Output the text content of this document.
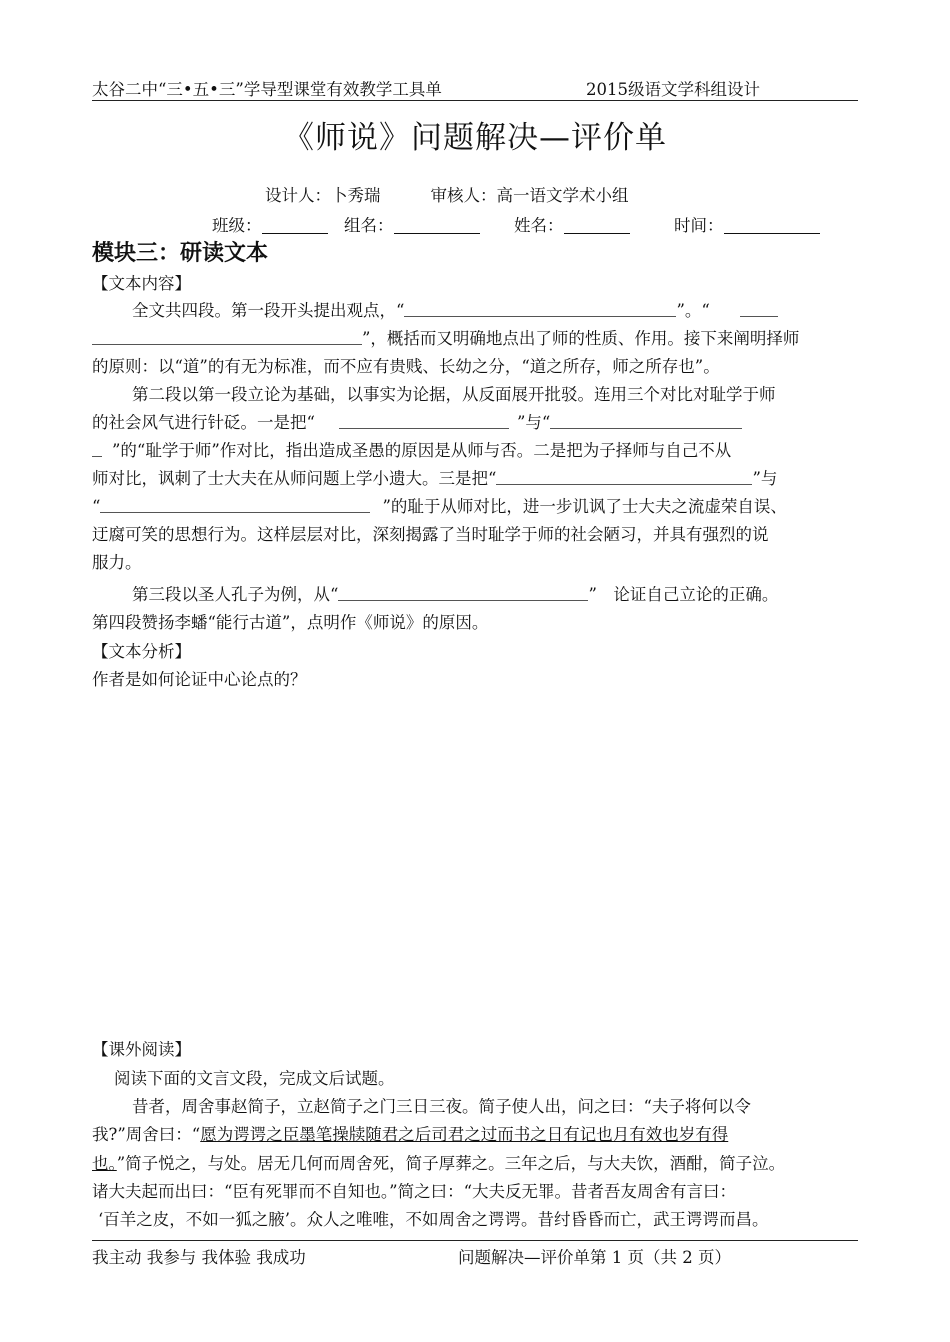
太谷二中“三•五•三”学导型课堂有效教学工具单	2015级语文学科组设计
《师说》问题解决—评价单
设计人：卜秀瑞	审核人：高一语文学术小组
班级：	组名：	姓名：	时间：
模块三：研读文本
【文本内容】
全文共四段。第一段开头提出观点，“	”。“
”，概括而又明确地点出了师的性质、作用。接下来阐明择师
的原则：以“道”的有无为标准，而不应有贵贱、长幼之分，“道之所存，师之所存也”。
第二段以第一段立论为基础，以事实为论据，从反面展开批驳。连用三个对比对耻学于师
的社会风气进行针砭。一是把“	”与“
”的“耻学于师”作对比，指出造成圣愚的原因是从师与否。二是把为子择师与自己不从
师对比，讽刺了士大夫在从师问题上学小遗大。三是把“	”与
“	”的耻于从师对比，进一步讥讽了士大夫之流虚荣自误、
迂腐可笑的思想行为。这样层层对比，深刻揭露了当时耻学于师的社会陋习，并具有强烈的说
服力。
第三段以圣人孔子为例，从“	”　论证自己立论的正确。
第四段赞扬李蟠“能行古道”，点明作《师说》的原因。
【文本分析】
作者是如何论证中心论点的？
【课外阅读】
阅读下面的文言文段，完成文后试题。
昔者，周舍事赵简子，立赵简子之门三日三夜。简子使人出，问之曰：“夫子将何以令
我?”周舍曰：“愿为谔谔之臣墨笔操牍随君之后司君之过而书之日有记也月有效也岁有得
也。”简子悦之，与处。居无几何而周舍死，简子厚葬之。三年之后，与大夫饮，酒酣，简子泣。
诸大夫起而出曰：“臣有死罪而不自知也。”简之曰：“大夫反无罪。昔者吾友周舍有言曰：
‘百羊之皮，不如一狐之腋’。众人之唯唯，不如周舍之谔谔。昔纣昏昏而亡，武王谔谔而昌。
我主动 我参与 我体验 我成功	问题解决—评价单第 1 页（共 2 页）
